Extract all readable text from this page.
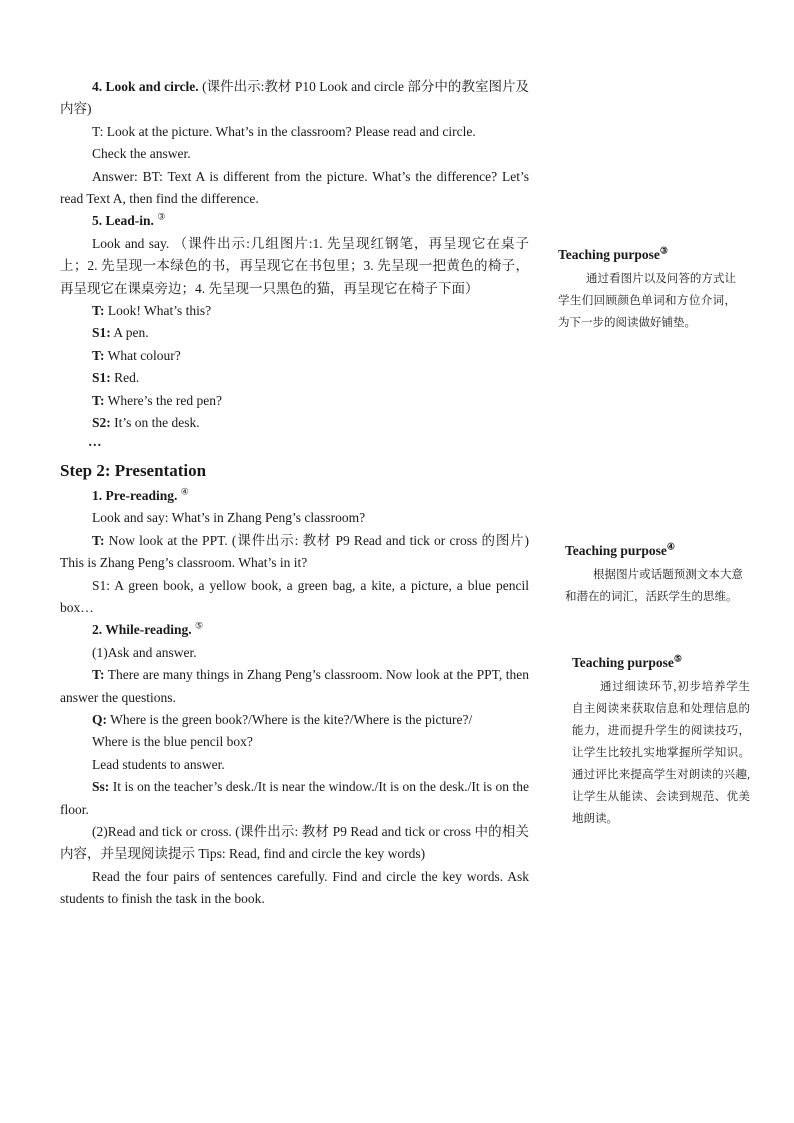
4. Look and circle. (课件出示:教材 P10 Look and circle 部分中的教室图片及内容)

T: Look at the picture. What’s in the classroom? Please read and circle.

Check the answer.

Answer: BT: Text A is different from the picture. What’s the difference? Let’s read Text A, then find the difference.

5. Lead-in. ③

Look and say. （课件出示:几组图片:1. 先呈现红钢笔，再呈现它在桌子上；2. 先呈现一本绿色的书，再呈现它在书包里；3. 先呈现一把黄色的椅子，再呈现它在课桌旁边；4. 先呈现一只黑色的猫，再呈现它在椅子下面）

T: Look! What’s this?

S1: A pen.

T: What colour?

S1: Red.

T: Where’s the red pen?

S2: It’s on the desk.

…

Step 2: Presentation

1. Pre-reading. ④

Look and say: What’s in Zhang Peng’s classroom?

T: Now look at the PPT. (课件出示: 教材 P9 Read and tick or cross 的图片) This is Zhang Peng’s classroom. What’s in it?

S1: A green book, a yellow book, a green bag, a kite, a picture, a blue pencil box…

2. While-reading. ⑤

(1)Ask and answer.

T: There are many things in Zhang Peng’s classroom. Now look at the PPT, then answer the questions.

Q: Where is the green book?/Where is the kite?/Where is the picture?/

Where is the blue pencil box?

Lead students to answer.

Ss: It is on the teacher’s desk./It is near the window./It is on the desk./It is on the floor.

(2)Read and tick or cross. (课件出示: 教材 P9 Read and tick or cross 中的相关内容，并呈现阅读提示 Tips: Read, find and circle the key words)

Read the four pairs of sentences carefully. Find and circle the key words. Ask students to finish the task in the book.

Teaching purpose③

通过看图片以及问答的方式让学生们回顾颜色单词和方位介词，为下一步的阅读做好铺垫。

Teaching purpose④

根据图片或话题预测文本大意和潜在的词汇，活跃学生的思维。

Teaching purpose⑤

通过细读环节,初步培养学生自主阅读来获取信息和处理信息的能力，进而提升学生的阅读技巧，让学生比较扎实地掌握所学知识。通过评比来提高学生对朗读的兴趣,让学生从能读、会读到规范、优美地朗读。
